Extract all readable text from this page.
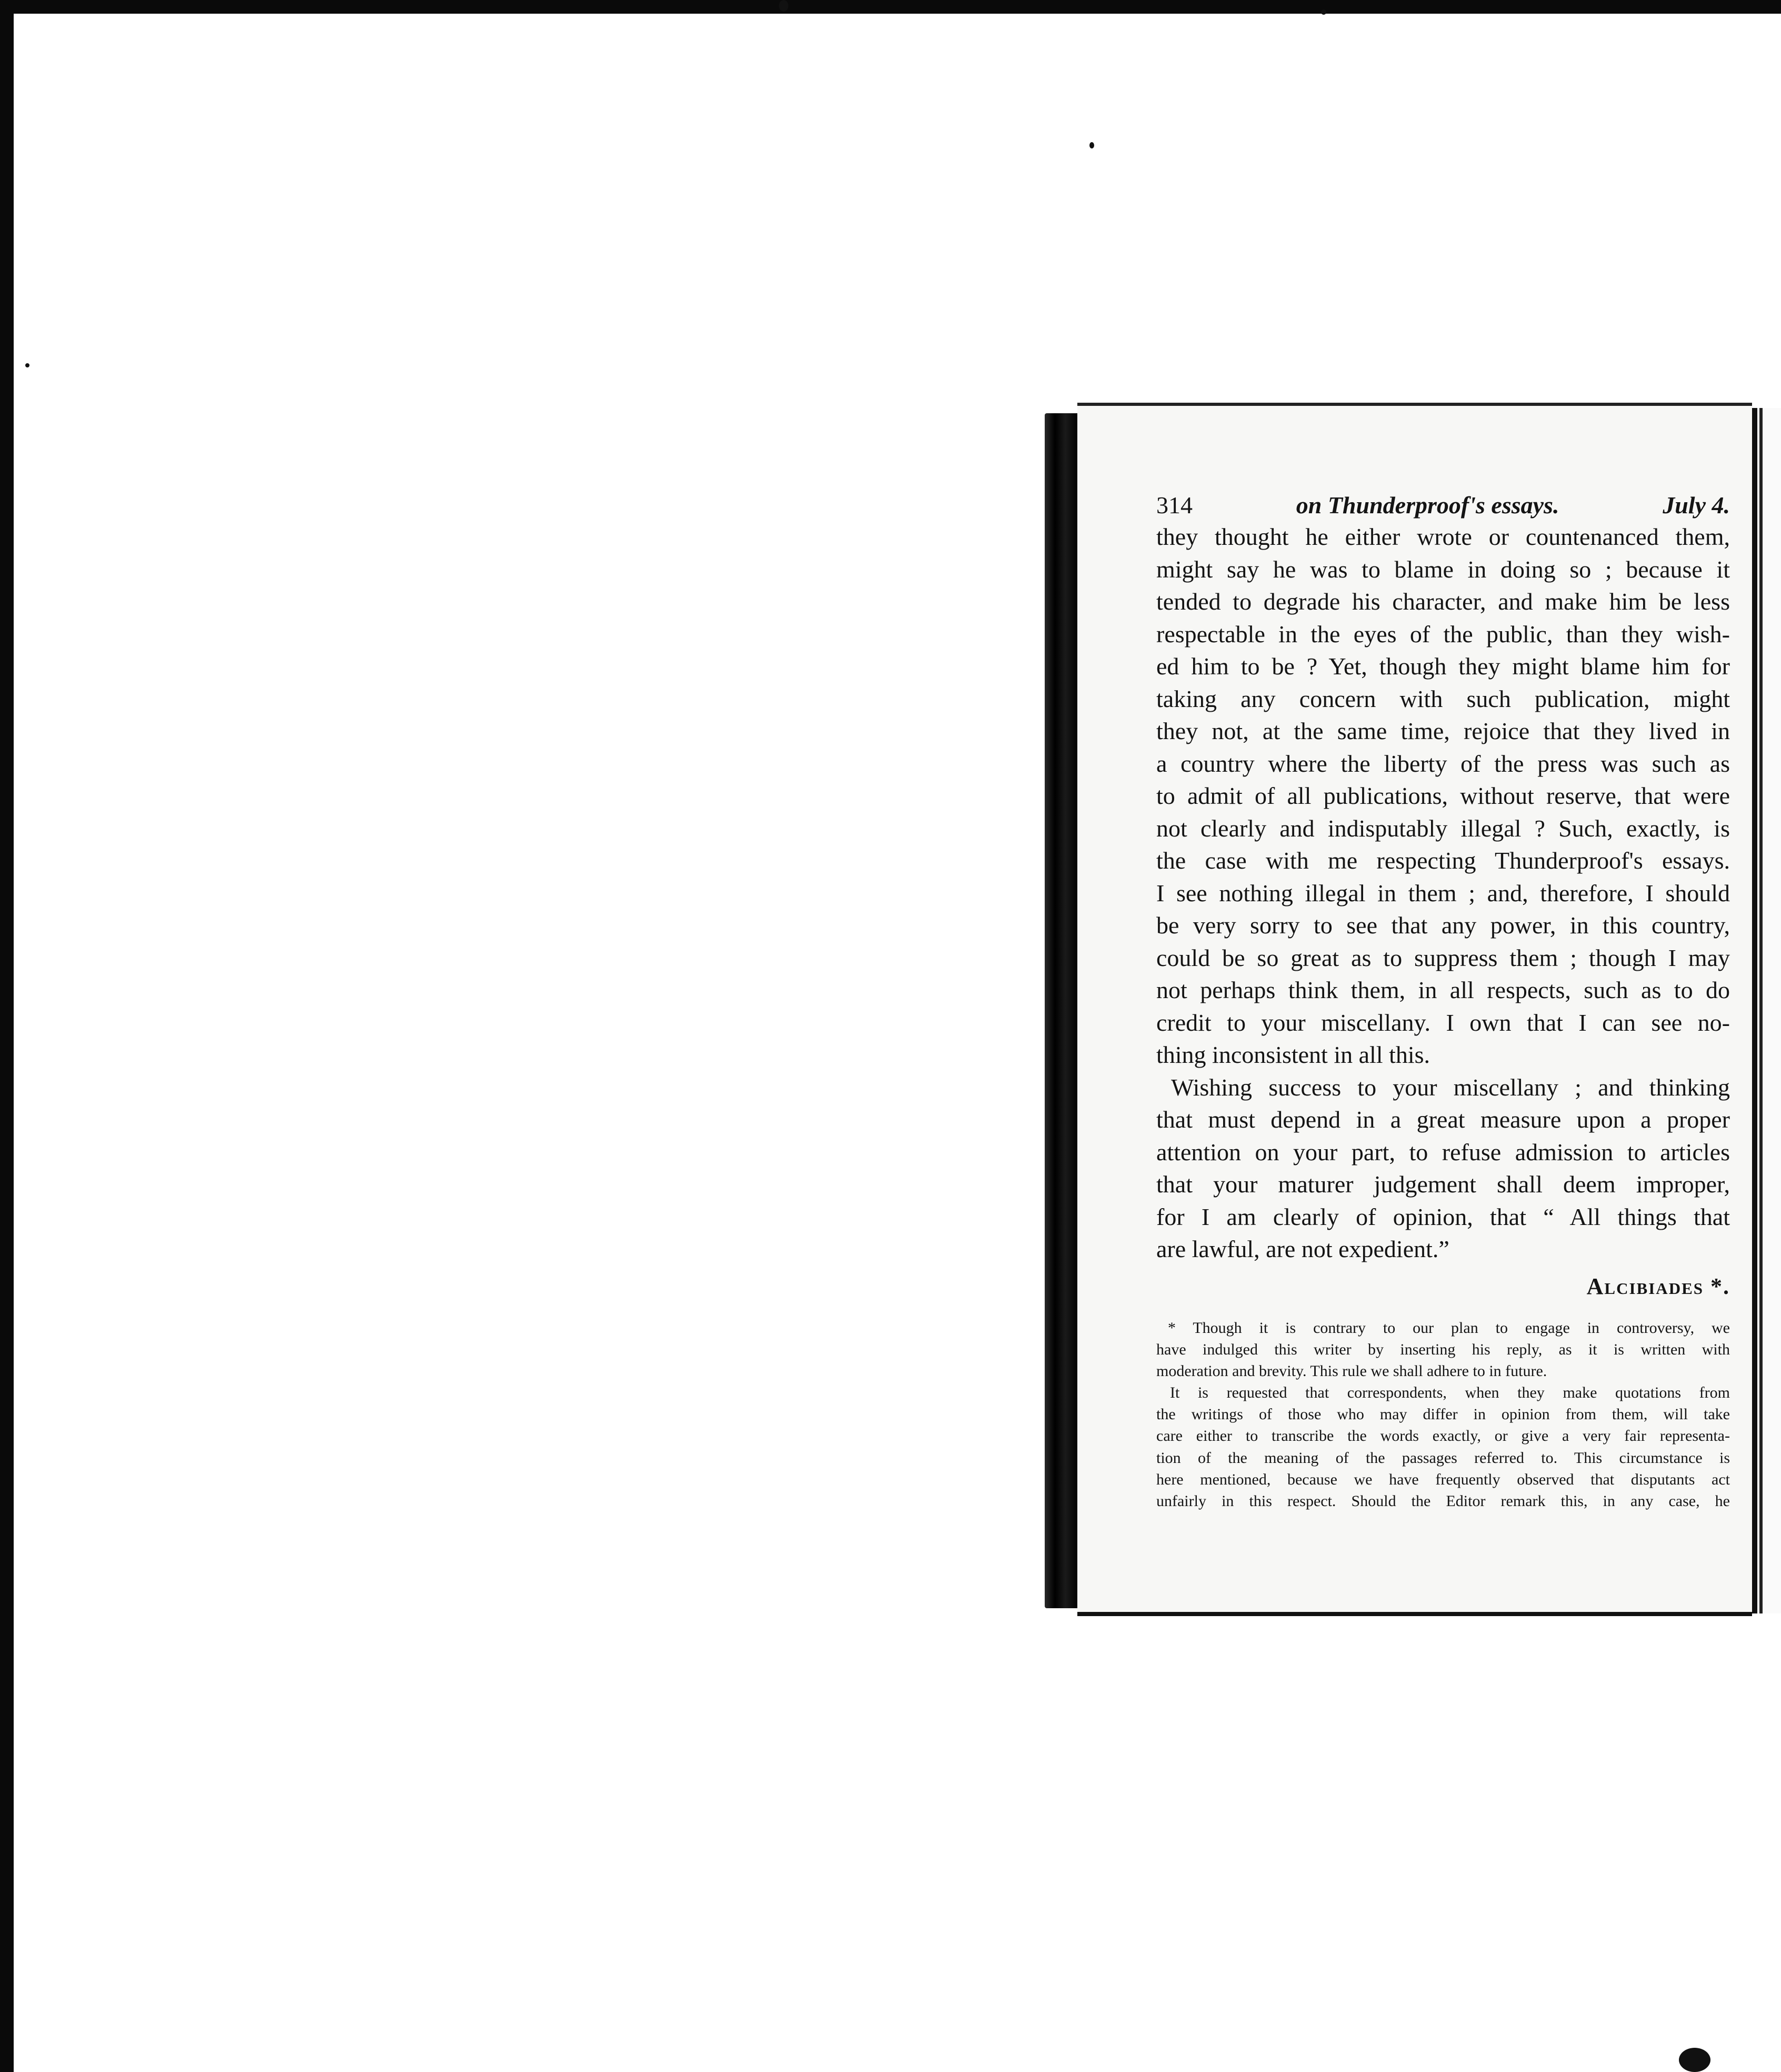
314	on Thunderproof's essays.	July 4.
they thought he either wrote or countenanced them,
might say he was to blame in doing so ; because it
tended to degrade his character, and make him be less
respectable in the eyes of the public, than they wish-
ed him to be ? Yet, though they might blame him for
taking any concern with such publication, might
they not, at the same time, rejoice that they lived in
a country where the liberty of the press was such as
to admit of all publications, without reserve, that were
not clearly and indisputably illegal ? Such, exactly, is
the case with me respecting Thunderproof's essays.
I see nothing illegal in them ; and, therefore, I should
be very sorry to see that any power, in this country,
could be so great as to suppress them ; though I may
not perhaps think them, in all respects, such as to do
credit to your miscellany. I own that I can see no-
thing inconsistent in all this.
Wishing success to your miscellany ; and thinking
that must depend in a great measure upon a proper
attention on your part, to refuse admission to articles
that your maturer judgement shall deem improper,
for I am clearly of opinion, that “ All things that
are lawful, are not expedient.”
Alcibiades *.
* Though it is contrary to our plan to engage in controversy, we
have indulged this writer by inserting his reply, as it is written with
moderation and brevity. This rule we shall adhere to in future.
It is requested that correspondents, when they make quotations from
the writings of those who may differ in opinion from them, will take
care either to transcribe the words exactly, or give a very fair representa-
tion of the meaning of the passages referred to. This circumstance is
here mentioned, because we have frequently observed that disputants act
unfairly in this respect. Should the Editor remark this, in any case, he
